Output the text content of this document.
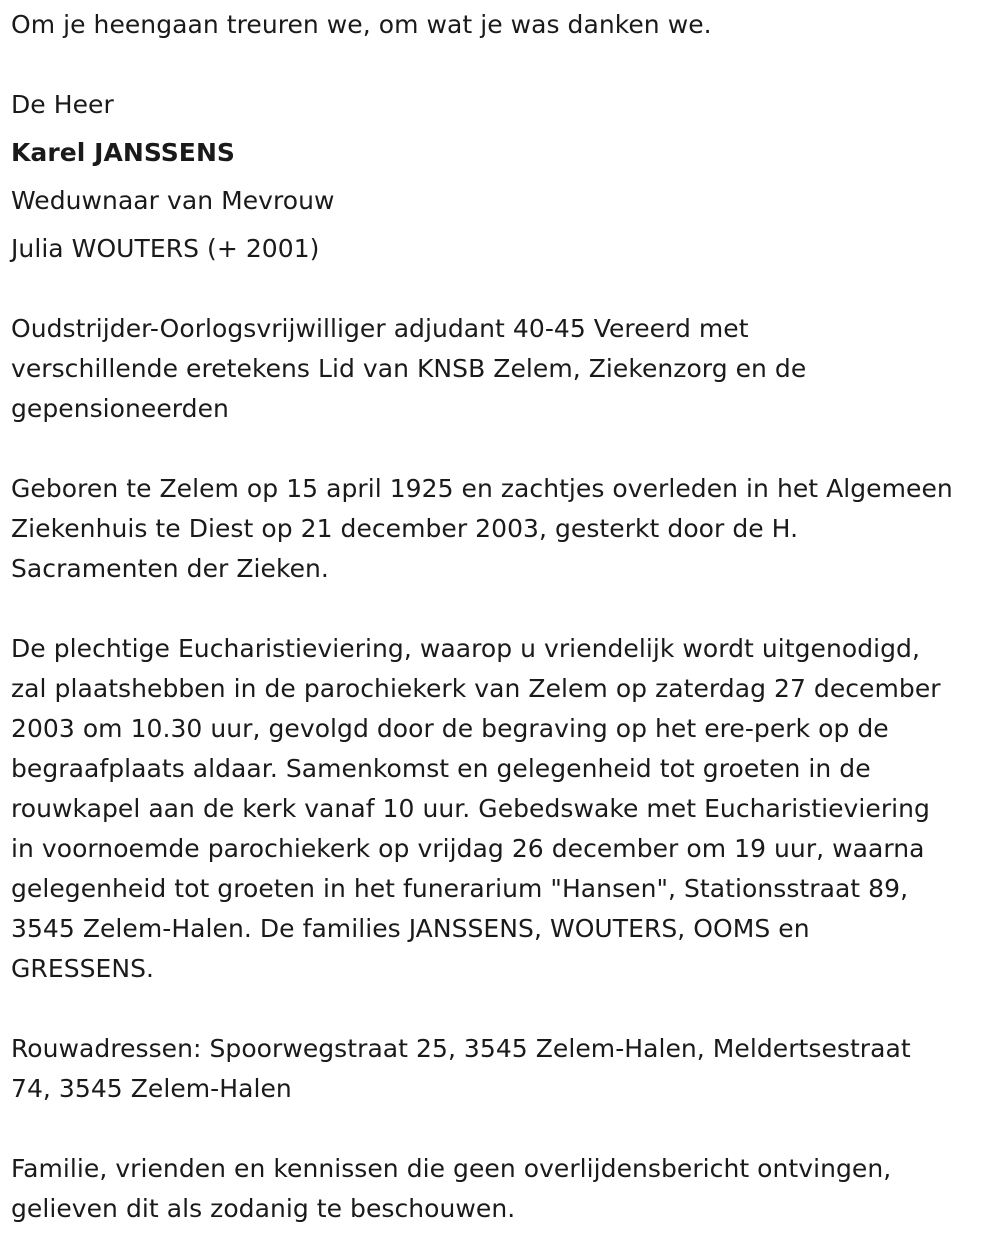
Om je heengaan treuren we, om wat je was danken we.

De Heer

Karel JANSSENS

Weduwnaar van Mevrouw

Julia WOUTERS (+ 2001)

Oudstrijder-Oorlogsvrijwilliger adjudant 40-45 Vereerd met

verschillende eretekens Lid van KNSB Zelem, Ziekenzorg en de

gepensioneerden

Geboren te Zelem op 15 april 1925 en zachtjes overleden in het Algemeen

Ziekenhuis te Diest op 21 december 2003, gesterkt door de H.

Sacramenten der Zieken.

De plechtige Eucharistieviering, waarop u vriendelijk wordt uitgenodigd,

zal plaatshebben in de parochiekerk van Zelem op zaterdag 27 december

2003 om 10.30 uur, gevolgd door de begraving op het ere-perk op de

begraafplaats aldaar. Samenkomst en gelegenheid tot groeten in de

rouwkapel aan de kerk vanaf 10 uur. Gebedswake met Eucharistieviering

in voornoemde parochiekerk op vrijdag 26 december om 19 uur, waarna

gelegenheid tot groeten in het funerarium "Hansen", Stationsstraat 89,

3545 Zelem-Halen. De families JANSSENS, WOUTERS, OOMS en

GRESSENS.

Rouwadressen: Spoorwegstraat 25, 3545 Zelem-Halen, Meldertsestraat

74, 3545 Zelem-Halen

Familie, vrienden en kennissen die geen overlijdensbericht ontvingen,

gelieven dit als zodanig te beschouwen.
